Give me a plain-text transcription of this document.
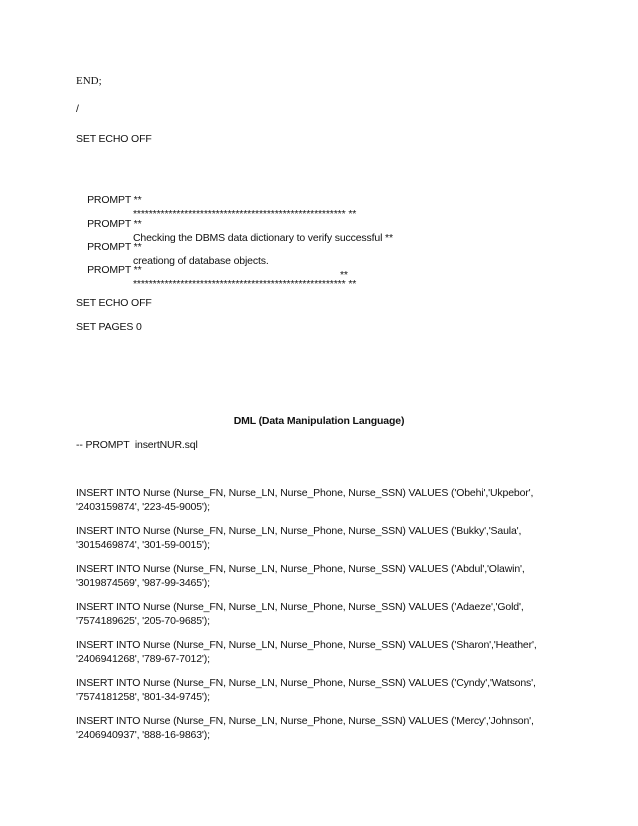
END;
/
SET ECHO OFF

PROMPT **

****************************************************** **

PROMPT **

Checking the DBMS data dictionary to verify successful **

PROMPT **

creationg of database objects.

**

PROMPT **

****************************************************** **

SET ECHO OFF
SET PAGES 0
DML (Data Manipulation Language)
-- PROMPT  insertNUR.sql
INSERT INTO Nurse (Nurse_FN, Nurse_LN, Nurse_Phone, Nurse_SSN) VALUES ('Obehi','Ukpebor',
'2403159874', '223-45-9005');
INSERT INTO Nurse (Nurse_FN, Nurse_LN, Nurse_Phone, Nurse_SSN) VALUES ('Bukky','Saula',
'3015469874', '301-59-0015');
INSERT INTO Nurse (Nurse_FN, Nurse_LN, Nurse_Phone, Nurse_SSN) VALUES ('Abdul','Olawin',
'3019874569', '987-99-3465');
INSERT INTO Nurse (Nurse_FN, Nurse_LN, Nurse_Phone, Nurse_SSN) VALUES ('Adaeze','Gold',
'7574189625', '205-70-9685');
INSERT INTO Nurse (Nurse_FN, Nurse_LN, Nurse_Phone, Nurse_SSN) VALUES ('Sharon','Heather',
'2406941268', '789-67-7012');
INSERT INTO Nurse (Nurse_FN, Nurse_LN, Nurse_Phone, Nurse_SSN) VALUES ('Cyndy','Watsons',
'7574181258', '801-34-9745');
INSERT INTO Nurse (Nurse_FN, Nurse_LN, Nurse_Phone, Nurse_SSN) VALUES ('Mercy','Johnson',
'2406940937', '888-16-9863');
